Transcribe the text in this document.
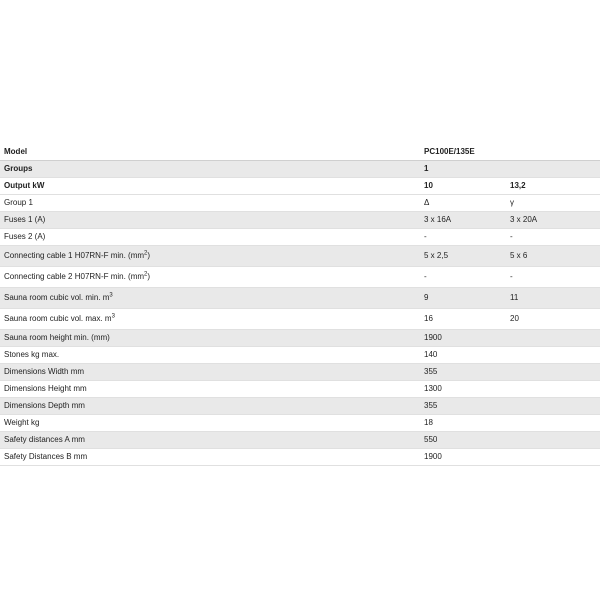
Model	PC100E/135E	
Groups	1	
Output kW	10	13,2
Group 1	Δ	γ
Fuses 1 (A)	3 x 16A	3 x 20A
Fuses 2 (A)	-	-
Connecting cable 1 H07RN-F min. $(mm^2)$	5 x 2,5	5 x 6
Connecting cable 2 H07RN-F min. $(mm^2)$	-	-
Sauna room cubic vol. min. $m^3$	9	11
Sauna room cubic vol. max. $m^3$	16	20
Sauna room height min. (mm)	1900	
Stones kg max.	140	
Dimensions Width mm	355	
Dimensions Height mm	1300	
Dimensions Depth mm	355	
Weight kg	18	
Safety distances A mm	550	
Safety Distances B mm	1900	
